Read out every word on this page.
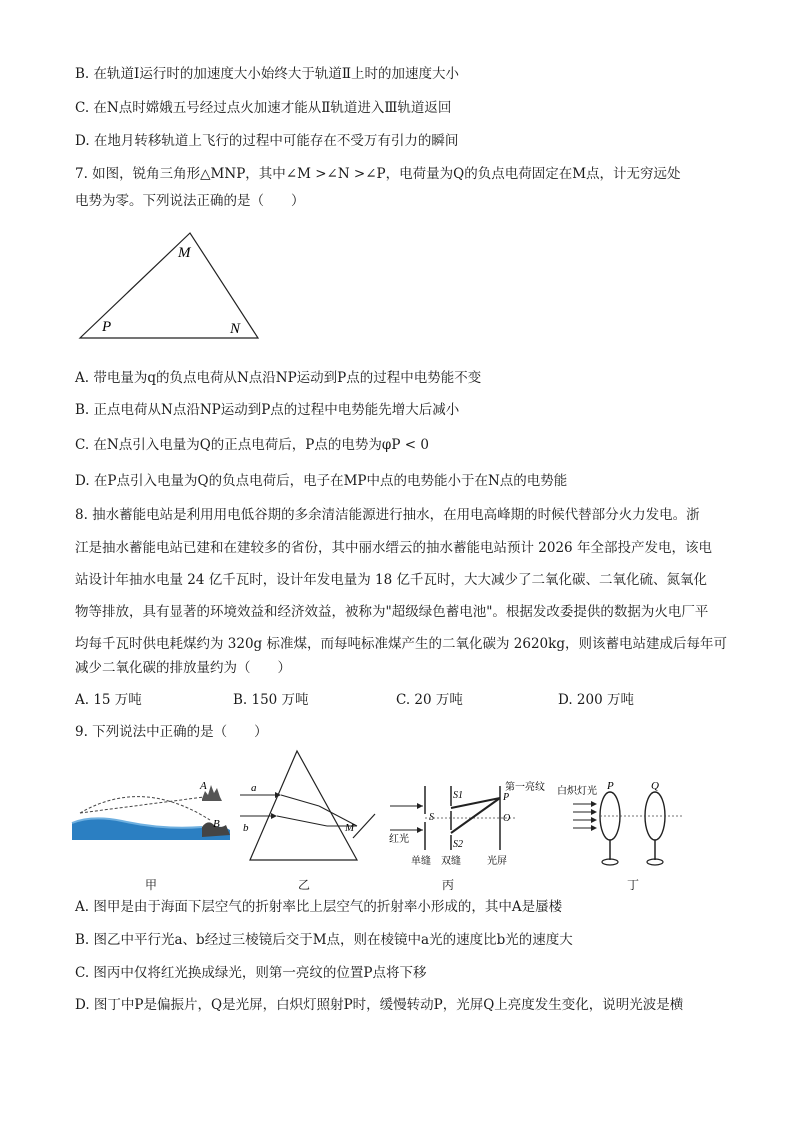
B. 在轨道Ⅰ运行时的加速度大小始终大于轨道Ⅱ上时的加速度大小
C. 在N点时嫦娥五号经过点火加速才能从Ⅱ轨道进入Ⅲ轨道返回
D. 在地月转移轨道上飞行的过程中可能存在不受万有引力的瞬间
7. 如图，锐角三角形△MNP，其中∠M >∠N >∠P，电荷量为Q的负点电荷固定在M点，计无穷远处
电势为零。下列说法正确的是（　　）
M
P	N
A. 带电量为q的负点电荷从N点沿NP运动到P点的过程中电势能不变
B. 正点电荷从N点沿NP运动到P点的过程中电势能先增大后减小
C. 在N点引入电量为Q的正点电荷后，P点的电势为φP < 0
D. 在P点引入电量为Q的负点电荷后，电子在MP中点的电势能小于在N点的电势能
8. 抽水蓄能电站是利用用电低谷期的多余清洁能源进行抽水，在用电高峰期的时候代替部分火力发电。浙
江是抽水蓄能电站已建和在建较多的省份，其中丽水缙云的抽水蓄能电站预计 2026 年全部投产发电，该电
站设计年抽水电量 24 亿千瓦时，设计年发电量为 18 亿千瓦时，大大减少了二氧化碳、二氧化硫、氮氧化
物等排放，具有显著的环境效益和经济效益，被称为"超级绿色蓄电池"。根据发改委提供的数据为火电厂平
均每千瓦时供电耗煤约为 320g 标准煤，而每吨标准煤产生的二氧化碳为 2620kg，则该蓄电站建成后每年可
减少二氧化碳的排放量约为（　　）
A. 15 万吨	B. 150 万吨	C. 20 万吨	D. 200 万吨
9. 下列说法中正确的是（　　）
A
B
a
b	M
S
S1
S2
P
O
第一亮纹
红光
单缝 双缝	光屏
白炽灯光 P	Q
甲	乙	丙	丁
A. 图甲是由于海面下层空气的折射率比上层空气的折射率小形成的，其中A是蜃楼
B. 图乙中平行光a、b经过三棱镜后交于M点，则在棱镜中a光的速度比b光的速度大
C. 图丙中仅将红光换成绿光，则第一亮纹的位置P点将下移
D. 图丁中P是偏振片，Q是光屏，白炽灯照射P时，缓慢转动P，光屏Q上亮度发生变化，说明光波是横
